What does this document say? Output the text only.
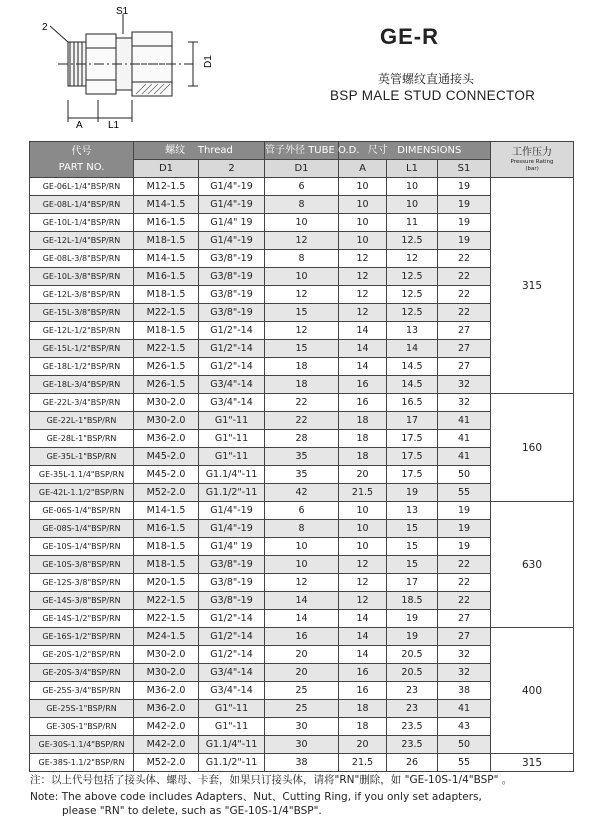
2
S1
D1
A	L1
GE-R
英管螺纹直通接头
BSP MALE STUD CONNECTOR
代号
PART NO.	螺纹 Thread		管子外径 TUBE O.D.	尺寸 DIMENSIONS			工作压力
Pressure Rating
(bar)

	D1	2	D1	A	L1	S1	
GE-06L-1/4"BSP/RN	M12-1.5	G1/4"-19	6	10	10	19	315
GE-08L-1/4"BSP/RN	M14-1.5	G1/4"-19	8	10	10	19	
GE-10L-1/4"BSP/RN	M16-1.5	G1/4" 19	10	10	11	19	
GE-12L-1/4"BSP/RN	M18-1.5	G1/4"-19	12	10	12.5	19	
GE-08L-3/8"BSP/RN	M14-1.5	G3/8"-19	8	12	12	22	
GE-10L-3/8"BSP/RN	M16-1.5	G3/8"-19	10	12	12.5	22	
GE-12L-3/8"BSP/RN	M18-1.5	G3/8"-19	12	12	12.5	22	
GE-15L-3/8"BSP/RN	M22-1.5	G3/8"-19	15	12	12.5	22	
GE-12L-1/2"BSP/RN	M18-1.5	G1/2"-14	12	14	13	27	
GE-15L-1/2"BSP/RN	M22-1.5	G1/2"-14	15	14	14	27	
GE-18L-1/2"BSP/RN	M26-1.5	G1/2"-14	18	14	14.5	27	
GE-18L-3/4"BSP/RN	M26-1.5	G3/4"-14	18	16	14.5	32	
GE-22L-3/4"BSP/RN	M30-2.0	G3/4"-14	22	16	16.5	32	160
GE-22L-1"BSP/RN	M30-2.0	G1"-11	22	18	17	41	
GE-28L-1"BSP/RN	M36-2.0	G1"-11	28	18	17.5	41	
GE-35L-1"BSP/RN	M45-2.0	G1"-11	35	18	17.5	41	
GE-35L-1.1/4"BSP/RN	M45-2.0	G1.1/4"-11	35	20	17.5	50	
GE-42L-1.1/2"BSP/RN	M52-2.0	G1.1/2"-11	42	21.5	19	55	
GE-06S-1/4"BSP/RN	M14-1.5	G1/4"-19	6	10	13	19	630
GE-08S-1/4"BSP/RN	M16-1.5	G1/4"-19	8	10	15	19	
GE-10S-1/4"BSP/RN	M18-1.5	G1/4" 19	10	10	15	19	
GE-10S-3/8"BSP/RN	M18-1.5	G3/8"-19	10	12	15	22	
GE-12S-3/8"BSP/RN	M20-1.5	G3/8"-19	12	12	17	22	
GE-14S-3/8"BSP/RN	M22-1.5	G3/8"-19	14	12	18.5	22	
GE-14S-1/2"BSP/RN	M22-1.5	G1/2"-14	14	14	19	27	
GE-16S-1/2"BSP/RN	M24-1.5	G1/2"-14	16	14	19	27	400
GE-20S-1/2"BSP/RN	M30-2.0	G1/2"-14	20	14	20.5	32	
GE-20S-3/4"BSP/RN	M30-2.0	G3/4"-14	20	16	20.5	32	
GE-25S-3/4"BSP/RN	M36-2.0	G3/4"-14	25	16	23	38	
GE-25S-1"BSP/RN	M36-2.0	G1"-11	25	18	23	41	
GE-30S-1"BSP/RN	M42-2.0	G1"-11	30	18	23.5	43	
GE-30S-1.1/4"BSP/RN	M42-2.0	G1.1/4"-11	30	20	23.5	50	
GE-38S-1.1/2"BSP/RN	M52-2.0	G1.1/2"-11	38	21.5	26	55	315
注：以上代号包括了接头体、螺母、卡套，如果只订接头体，请将"RN"删除，如 "GE-10S-1/4"BSP" 。
Note: The above code includes Adapters、Nut、Cutting Ring, if you only set adapters,
please "RN" to delete, such as "GE-10S-1/4"BSP".
